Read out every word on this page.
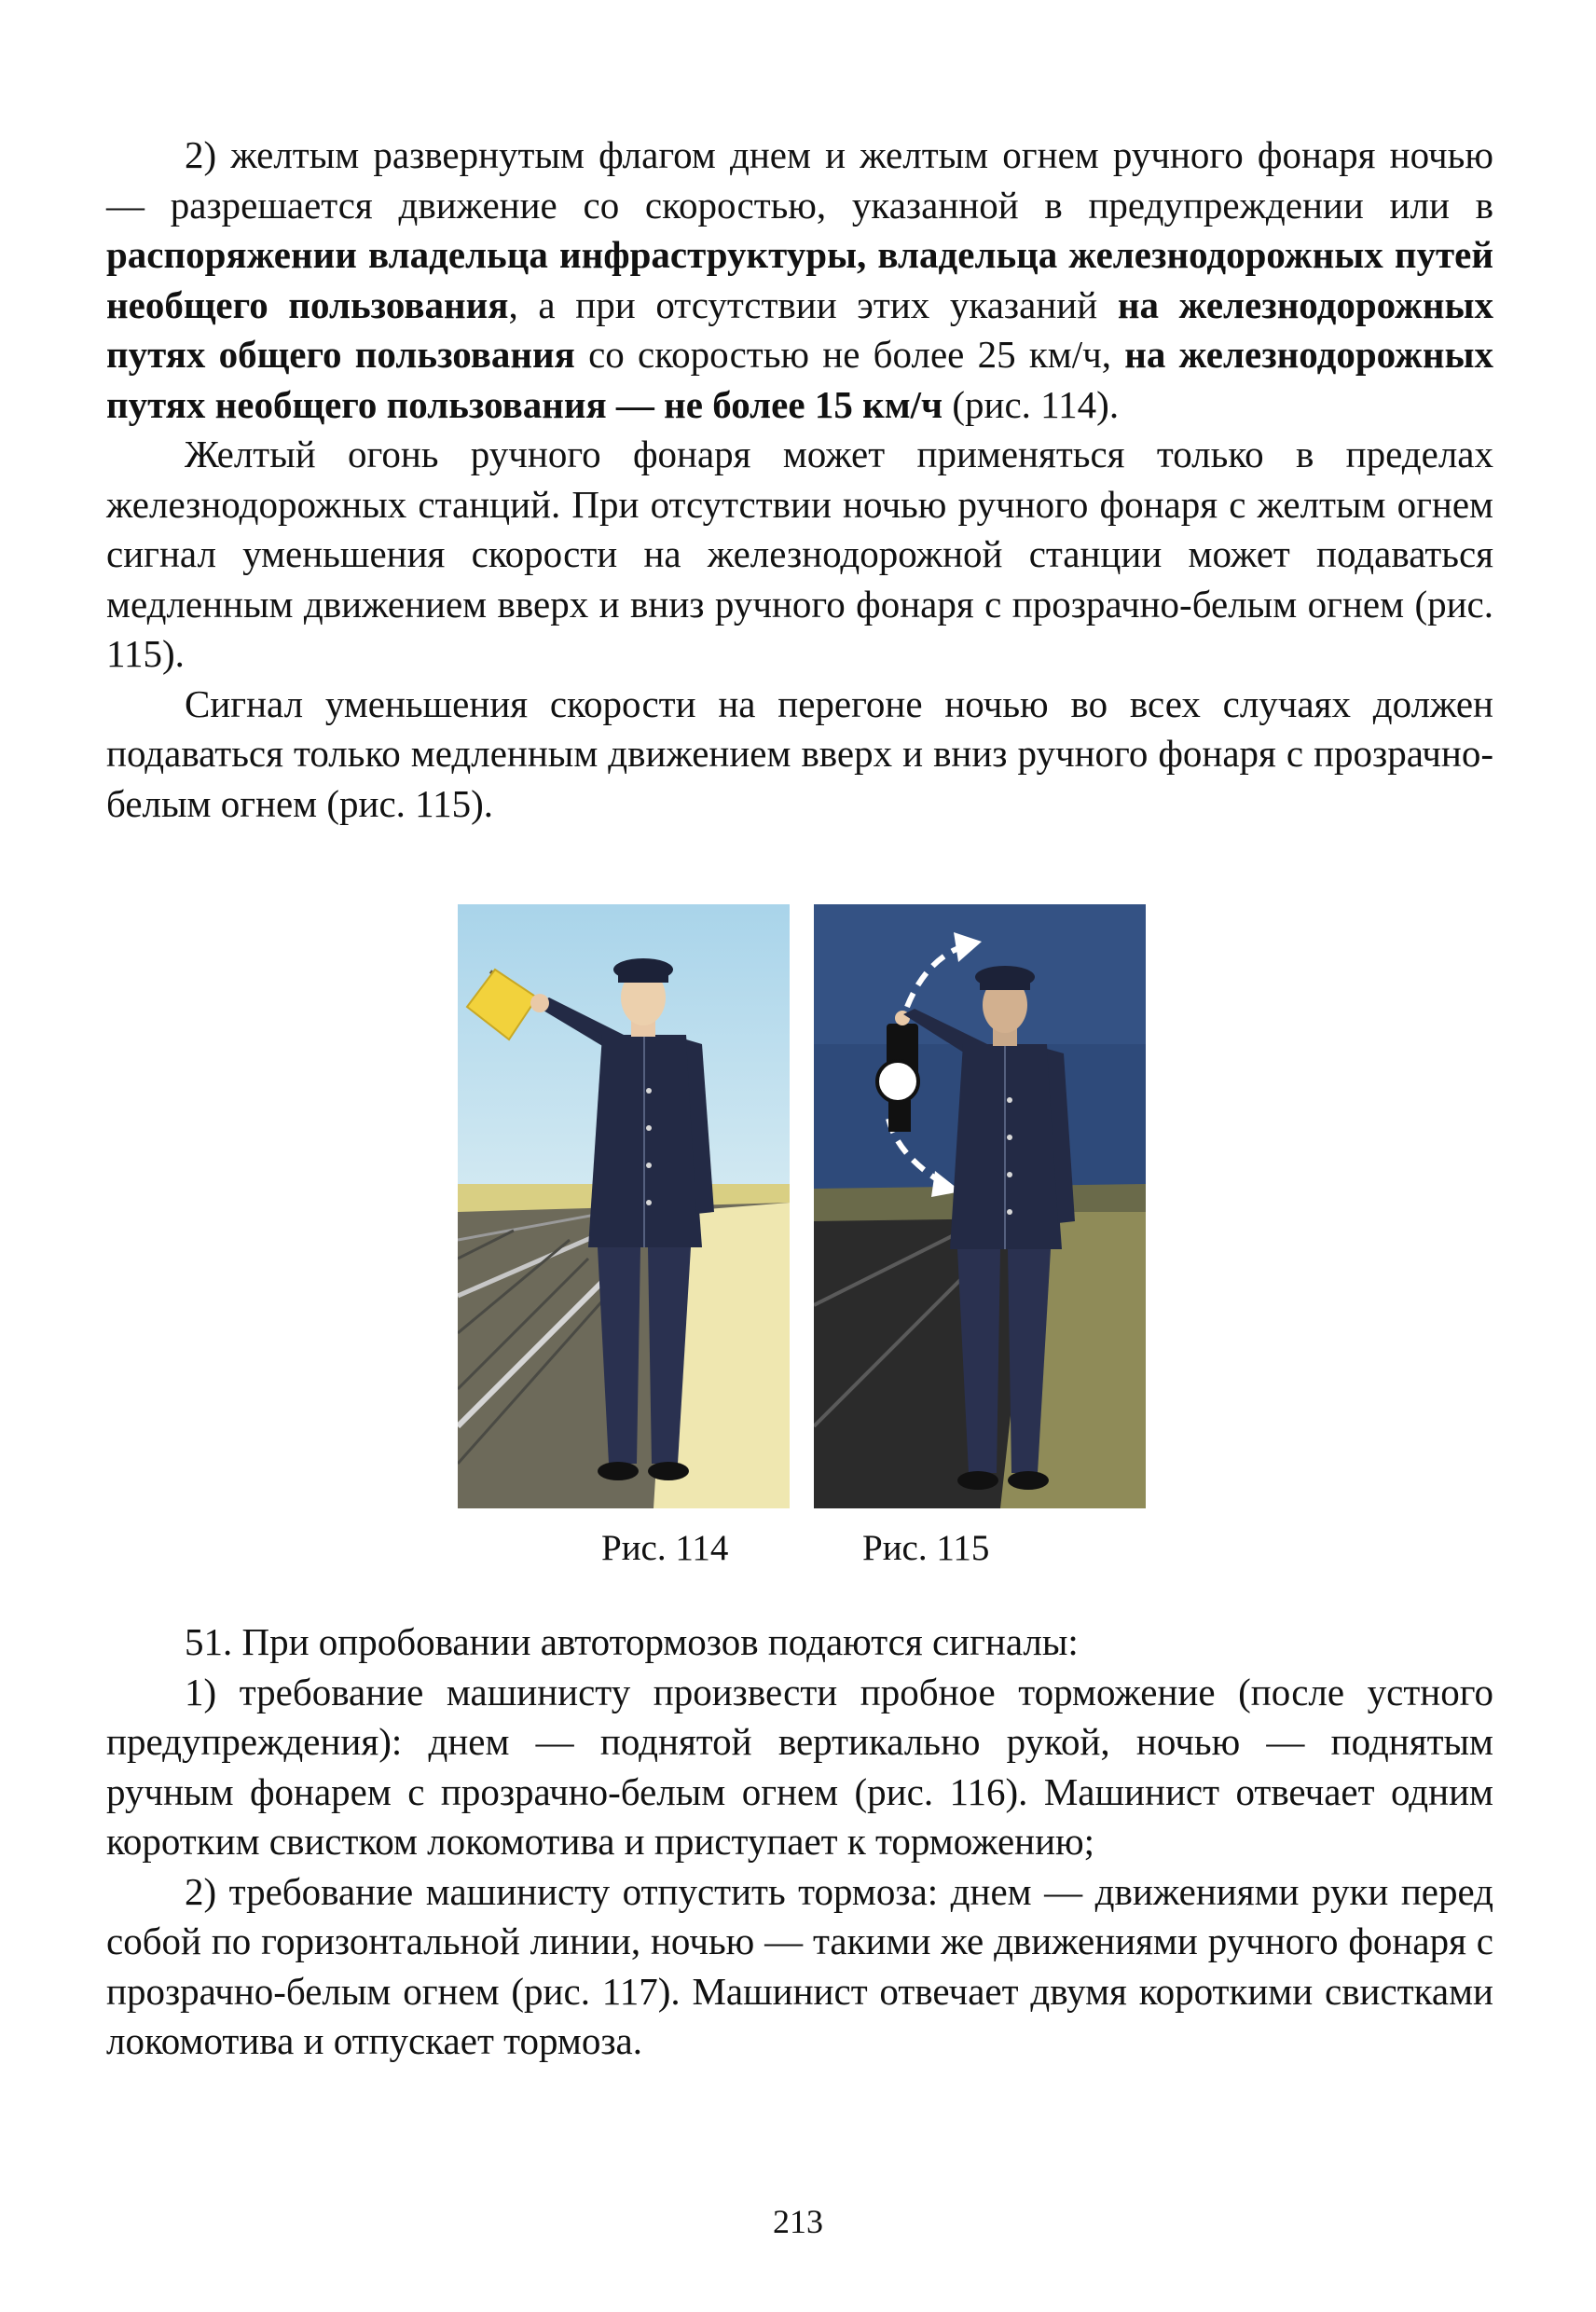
2) желтым развернутым флагом днем и желтым огнем ручного фонаря ночью — разрешается движение со скоростью, указанной в предупреждении или в распоряжении владельца инфраструктуры, владельца железнодорожных путей необщего пользования, а при отсутствии этих указаний на железнодорожных путях общего пользования со скоростью не более 25 км/ч, на железнодорожных путях необщего пользования — не более 15 км/ч (рис. 114).

Желтый огонь ручного фонаря может применяться только в пределах железнодорожных станций. При отсутствии ночью ручного фонаря с желтым огнем сигнал уменьшения скорости на железнодорожной станции может подаваться медленным движением вверх и вниз ручного фонаря с прозрачно-белым огнем (рис. 115).

Сигнал уменьшения скорости на перегоне ночью во всех случаях должен подаваться только медленным движением вверх и вниз ручного фонаря с прозрачно-белым огнем (рис. 115).

Рис. 114	Рис. 115

51. При опробовании автотормозов подаются сигналы:

1) требование машинисту произвести пробное торможение (после устного предупреждения): днем — поднятой вертикально рукой, ночью — поднятым ручным фонарем с прозрачно-белым огнем (рис. 116). Машинист отвечает одним коротким свистком локомотива и приступает к торможению;

2) требование машинисту отпустить тормоза: днем — движениями руки перед собой по горизонтальной линии, ночью — такими же движениями ручного фонаря с прозрачно-белым огнем (рис. 117). Машинист отвечает двумя короткими свистками локомотива и отпускает тормоза.

213
